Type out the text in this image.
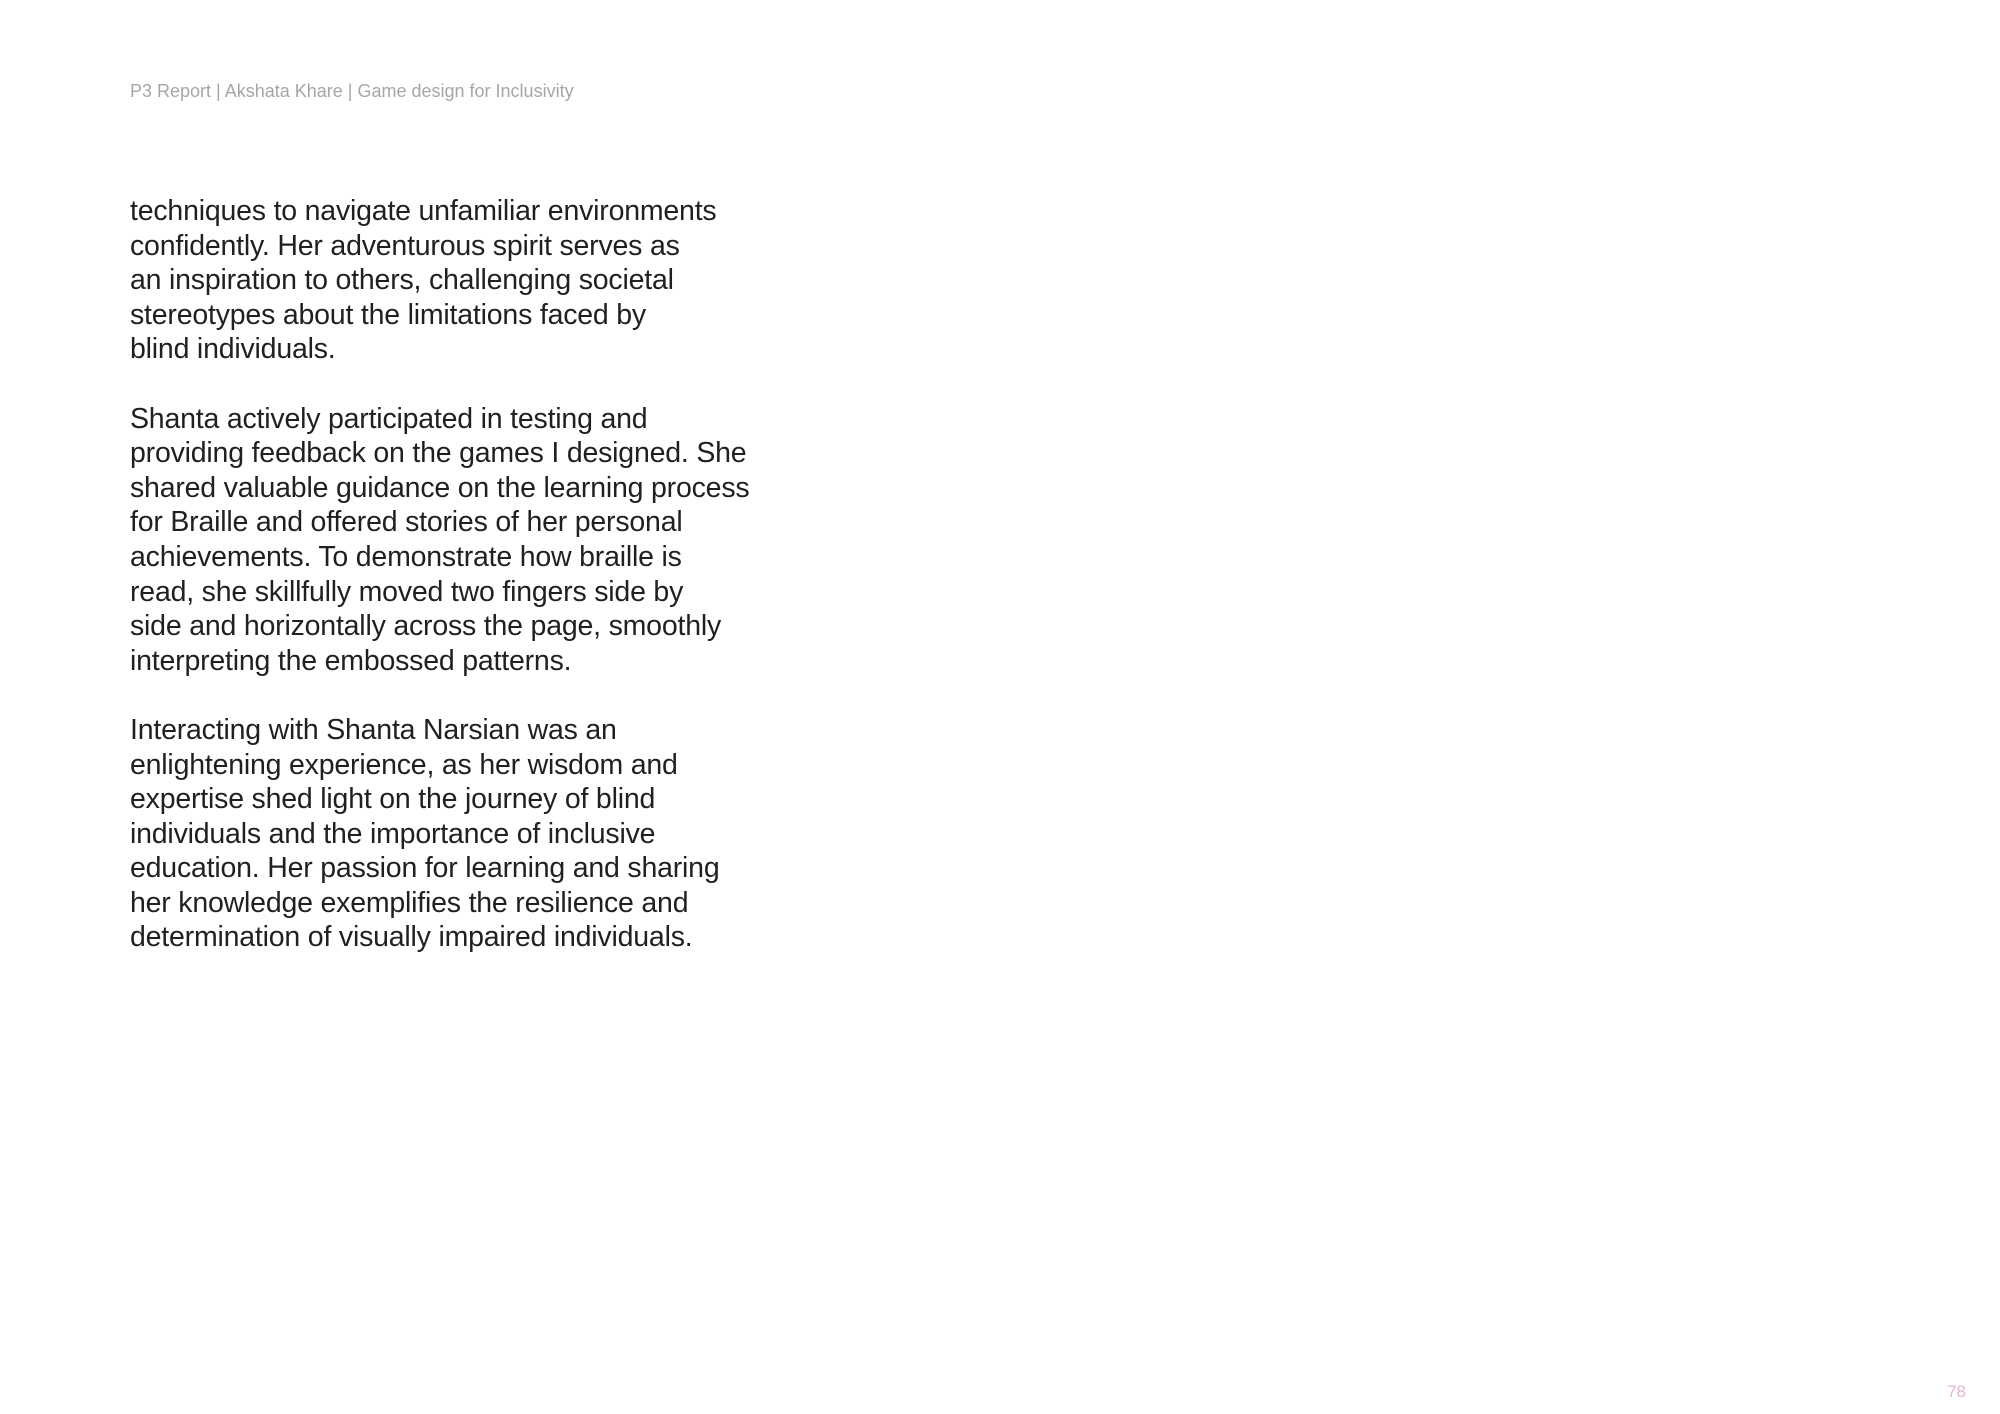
P3 Report | Akshata Khare | Game design for Inclusivity

techniques to navigate unfamiliar environments
confidently. Her adventurous spirit serves as
an inspiration to others, challenging societal
stereotypes about the limitations faced by
blind individuals.

Shanta actively participated in testing and
providing feedback on the games I designed. She
shared valuable guidance on the learning process
for Braille and offered stories of her personal
achievements. To demonstrate how braille is
read, she skillfully moved two fingers side by
side and horizontally across the page, smoothly
interpreting the embossed patterns.

Interacting with Shanta Narsian was an
enlightening experience, as her wisdom and
expertise shed light on the journey of blind
individuals and the importance of inclusive
education. Her passion for learning and sharing
her knowledge exemplifies the resilience and
determination of visually impaired individuals.

78
